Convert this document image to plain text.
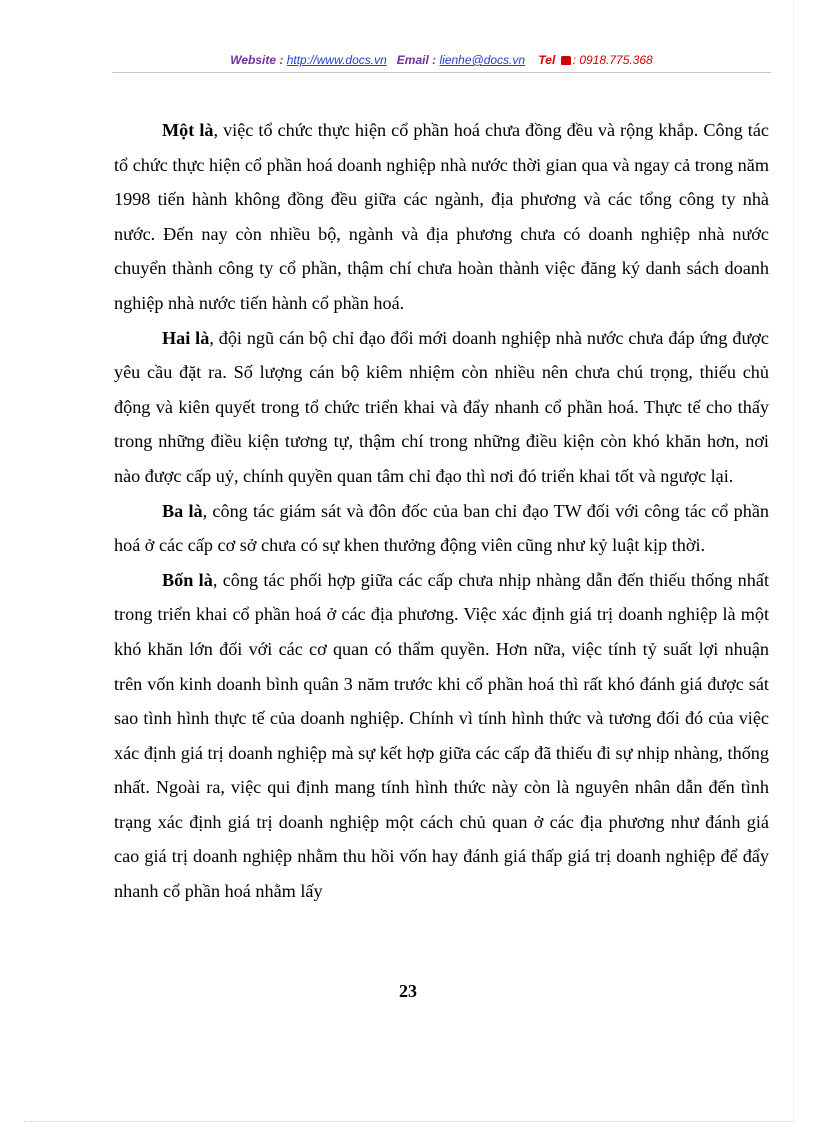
Website : http://www.docs.vn Email : lienhe@docs.vn Tel : 0918.775.368

Một là, việc tổ chức thực hiện cổ phần hoá chưa đồng đều và rộng khắp. Công tác tổ chức thực hiện cổ phần hoá doanh nghiệp nhà nước thời gian qua và ngay cả trong năm 1998 tiến hành không đồng đều giữa các ngành, địa phương và các tổng công ty nhà nước. Đến nay còn nhiều bộ, ngành và địa phương chưa có doanh nghiệp nhà nước chuyển thành công ty cổ phần, thậm chí chưa hoàn thành việc đăng ký danh sách doanh nghiệp nhà nước tiến hành cổ phần hoá.

Hai là, đội ngũ cán bộ chỉ đạo đổi mới doanh nghiệp nhà nước chưa đáp ứng được yêu cầu đặt ra. Số lượng cán bộ kiêm nhiệm còn nhiều nên chưa chú trọng, thiếu chủ động và kiên quyết trong tổ chức triển khai và đẩy nhanh cổ phần hoá. Thực tế cho thấy trong những điều kiện tương tự, thậm chí trong những điều kiện còn khó khăn hơn, nơi nào được cấp uỷ, chính quyền quan tâm chỉ đạo thì nơi đó triển khai tốt và ngược lại.

Ba là, công tác giám sát và đôn đốc của ban chỉ đạo TW đối với công tác cổ phần hoá ở các cấp cơ sở chưa có sự khen thưởng động viên cũng như kỷ luật kịp thời.

Bốn là, công tác phối hợp giữa các cấp chưa nhịp nhàng dẫn đến thiếu thống nhất trong triển khai cổ phần hoá ở các địa phương. Việc xác định giá trị doanh nghiệp là một khó khăn lớn đối với các cơ quan có thẩm quyền. Hơn nữa, việc tính tỷ suất lợi nhuận trên vốn kinh doanh bình quân 3 năm trước khi cổ phần hoá thì rất khó đánh giá được sát sao tình hình thực tế của doanh nghiệp. Chính vì tính hình thức và tương đối đó của việc xác định giá trị doanh nghiệp mà sự kết hợp giữa các cấp đã thiếu đi sự nhịp nhàng, thống nhất. Ngoài ra, việc qui định mang tính hình thức này còn là nguyên nhân dẫn đến tình trạng xác định giá trị doanh nghiệp một cách chủ quan ở các địa phương như đánh giá cao giá trị doanh nghiệp nhằm thu hồi vốn hay đánh giá thấp giá trị doanh nghiệp để đẩy nhanh cổ phần hoá nhằm lấy

23
